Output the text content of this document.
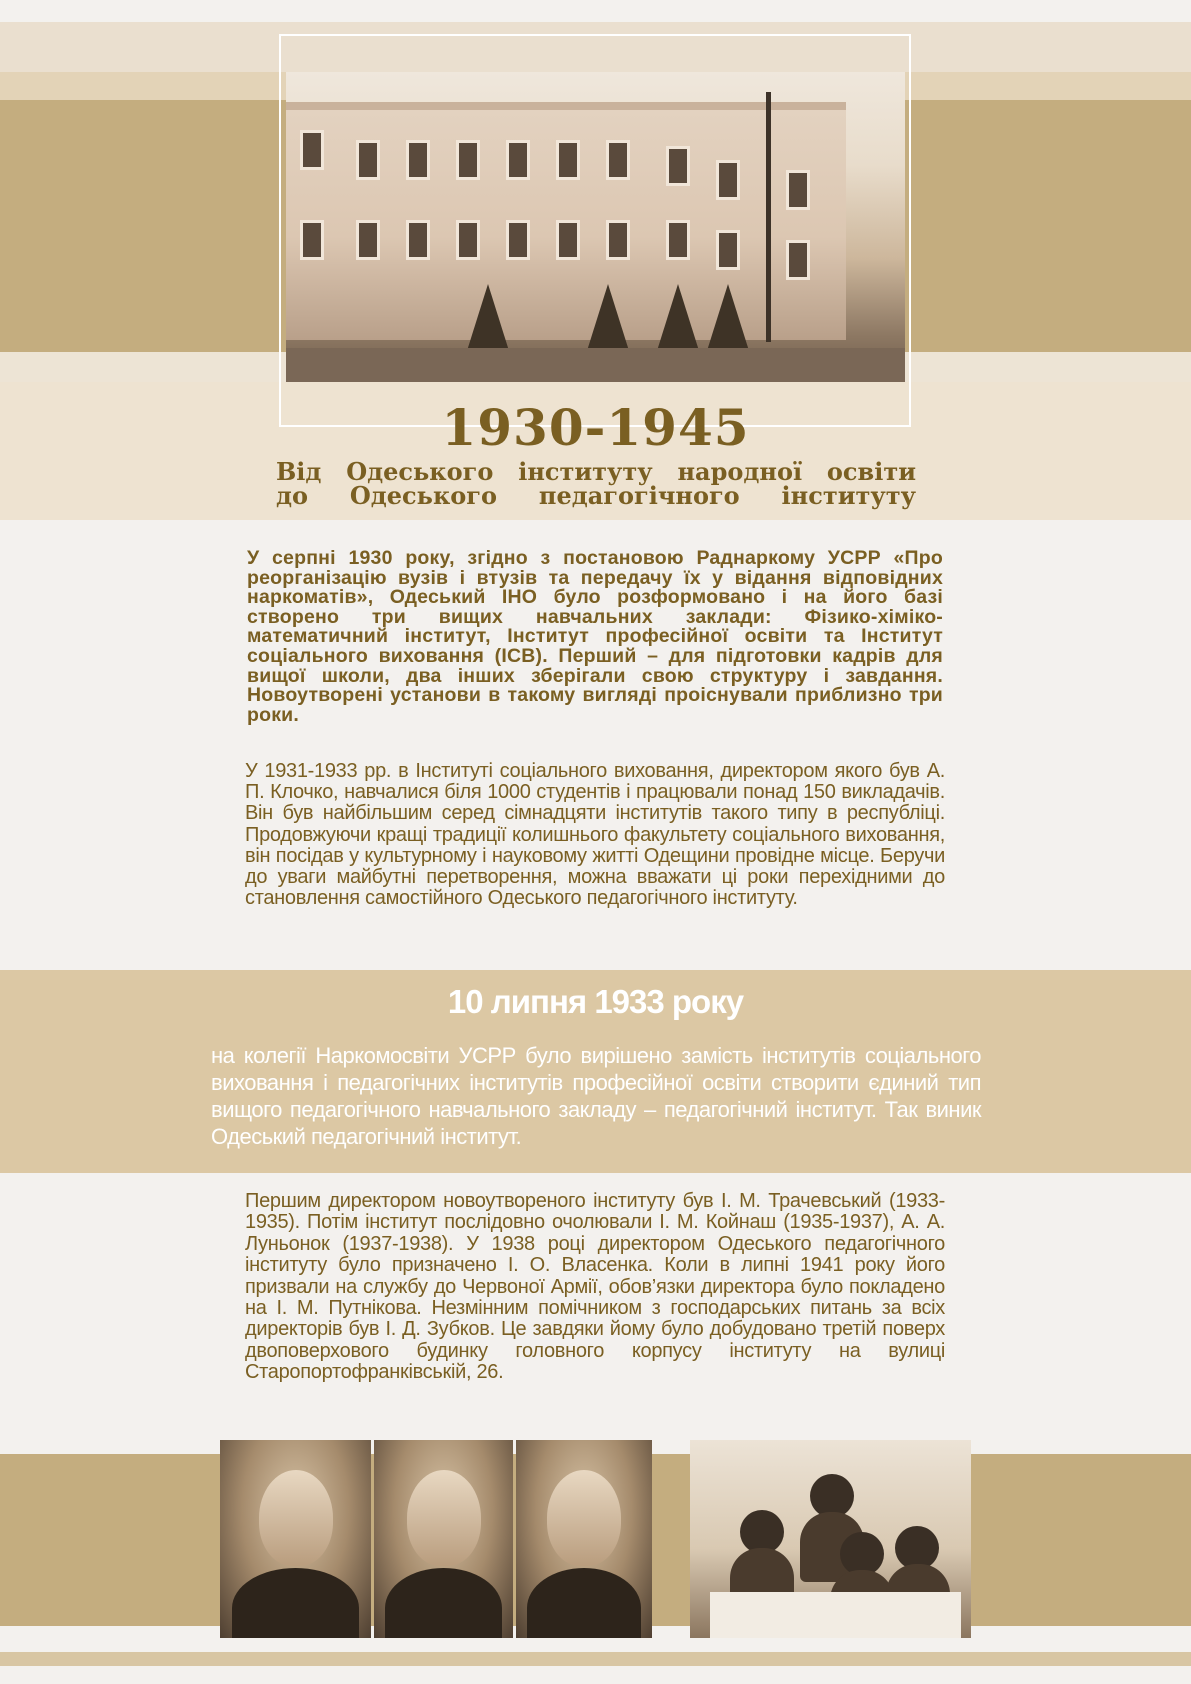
1930-1945
Від Одеського інституту народної освіти
до Одеського педагогічного інституту
У серпні 1930 року, згідно з постановою Раднаркому УСРР «Про реорганізацію вузів і втузів та передачу їх у відання відповідних наркоматів», Одеський ІНО було розформовано і на його базі створено три вищих навчальних заклади: Фізико-хіміко-математичний інститут, Інститут професійної освіти та Інститут соціального виховання (ІСВ). Перший – для підготовки кадрів для вищої школи, два інших зберігали свою структуру і завдання. Новоутворені установи в такому вигляді проіснували приблизно три роки.
У 1931-1933 рр. в Інституті соціального виховання, директором якого був А. П. Клочко, навчалися біля 1000 студентів і працювали понад 150 викладачів. Він був найбільшим серед сімнадцяти інститутів такого типу в республіці. Продовжуючи кращі традиції колишнього факультету соціального виховання, він посідав у культурному і науковому житті Одещини провідне місце. Беручи до уваги майбутні перетворення, можна вважати ці роки перехідними до становлення самостійного Одеського педагогічного інституту.
10 липня 1933 року
на колегії Наркомосвіти УСРР було вирішено замість інститутів соціального виховання і педагогічних інститутів професійної освіти створити єдиний тип вищого педагогічного навчального закладу – педагогічний інститут. Так виник Одеський педагогічний інститут.
Першим директором новоутвореного інституту був І. М. Трачевський (1933-1935). Потім інститут послідовно очолювали І. М. Койнаш (1935-1937), А. А. Луньонок (1937-1938). У 1938 році директором Одеського педагогічного інституту було призначено І. О. Власенка. Коли в липні 1941 року його призвали на службу до Червоної Армії, обов’язки директора було покладено на І. М. Путнікова. Незмінним помічником з господарських питань за всіх директорів був І. Д. Зубков. Це завдяки йому було добудовано третій поверх двоповерхового будинку головного корпусу інституту на вулиці Старопортофранківській, 26.
